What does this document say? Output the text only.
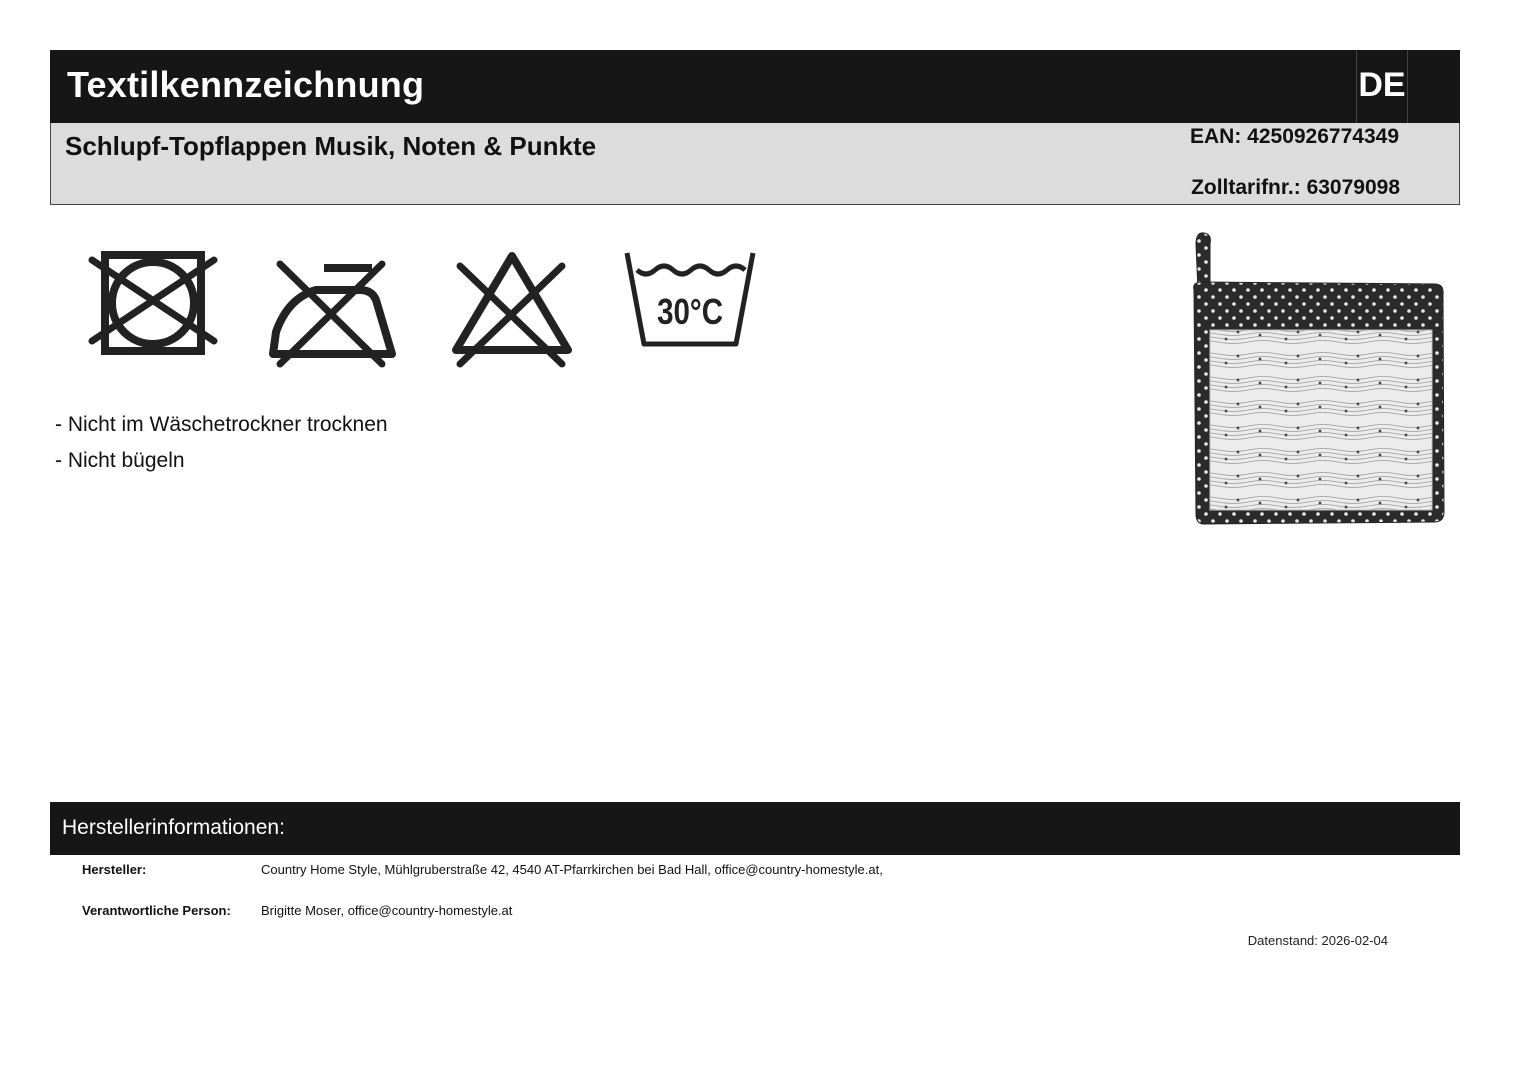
Textilkennzeichnung	DE
Schlupf-Topflappen Musik, Noten & Punkte	EAN: 4250926774349
Zolltarifnr.: 63079098
30°C
- Nicht im Wäschetrockner trocknen
- Nicht bügeln
Herstellerinformationen:
Hersteller:	Country Home Style, Mühlgruberstraße 42, 4540 AT-Pfarrkirchen bei Bad Hall, office@country-homestyle.at,
Verantwortliche Person: Brigitte Moser, office@country-homestyle.at
Datenstand: 2026-02-04
